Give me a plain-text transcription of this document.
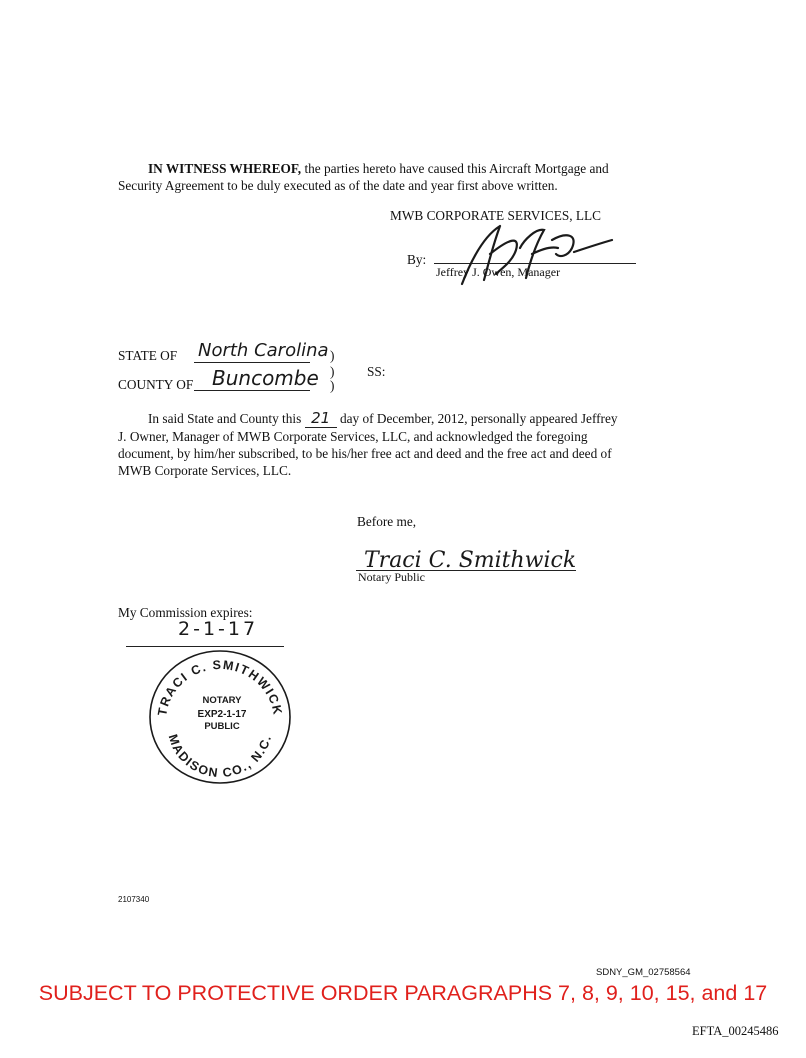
IN WITNESS WHEREOF, the parties hereto have caused this Aircraft Mortgage and
Security Agreement to be duly executed as of the date and year first above written.
MWB CORPORATE SERVICES, LLC
By:
Jeffrey J. Owen, Manager
STATE OF North Carolina )
) SS:
COUNTY OF Buncombe )
In said State and County this 21 day of December, 2012, personally appeared Jeffrey
J. Owner, Manager of MWB Corporate Services, LLC, and acknowledged the foregoing
document, by him/her subscribed, to be his/her free act and deed and the free act and deed of
MWB Corporate Services, LLC.
Before me,
Traci C. Smithwick
Notary Public
My Commission expires:
2-1-17
TRACI C. SMITHWICK
MADISON CO., N.C.
NOTARY
EXP2-1-17
PUBLIC
2107340
SDNY_GM_02758564
SUBJECT TO PROTECTIVE ORDER PARAGRAPHS 7, 8, 9, 10, 15, and 17
EFTA_00245486
